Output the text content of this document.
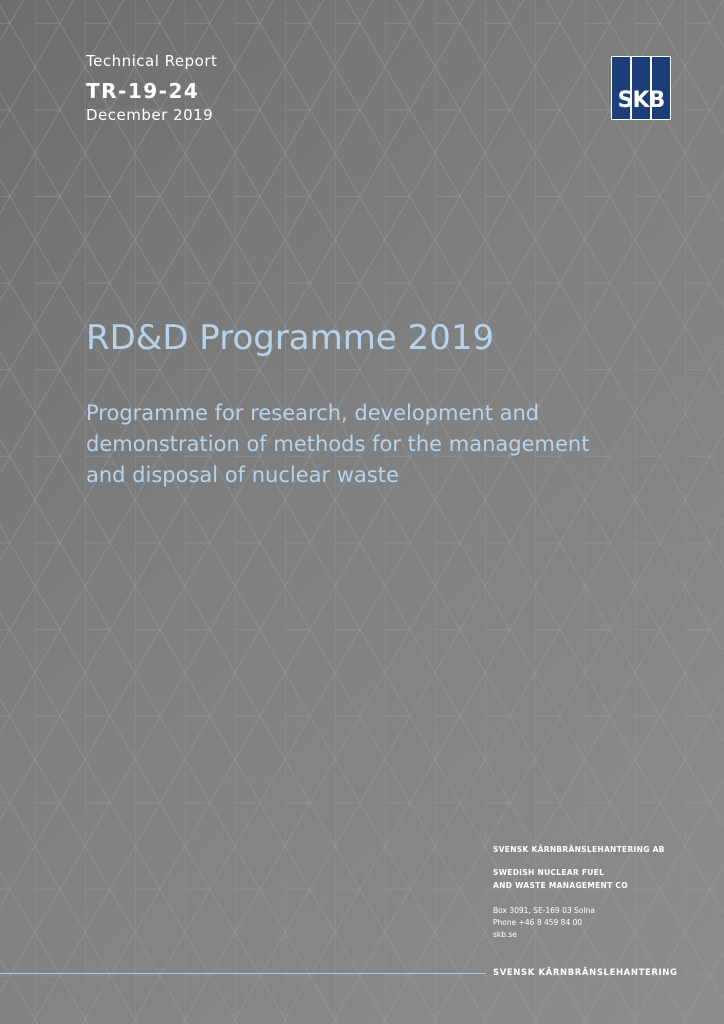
Technical Report
TR-19-24
December 2019
SKB
RD&D Programme 2019
Programme for research, development and
demonstration of methods for the management
and disposal of nuclear waste
SVENSK KÄRNBRÄNSLEHANTERING AB
SWEDISH NUCLEAR FUEL
AND WASTE MANAGEMENT CO
Box 3091, SE-169 03 Solna
Phone +46 8 459 84 00
skb.se
SVENSK KÄRNBRÄNSLEHANTERING
